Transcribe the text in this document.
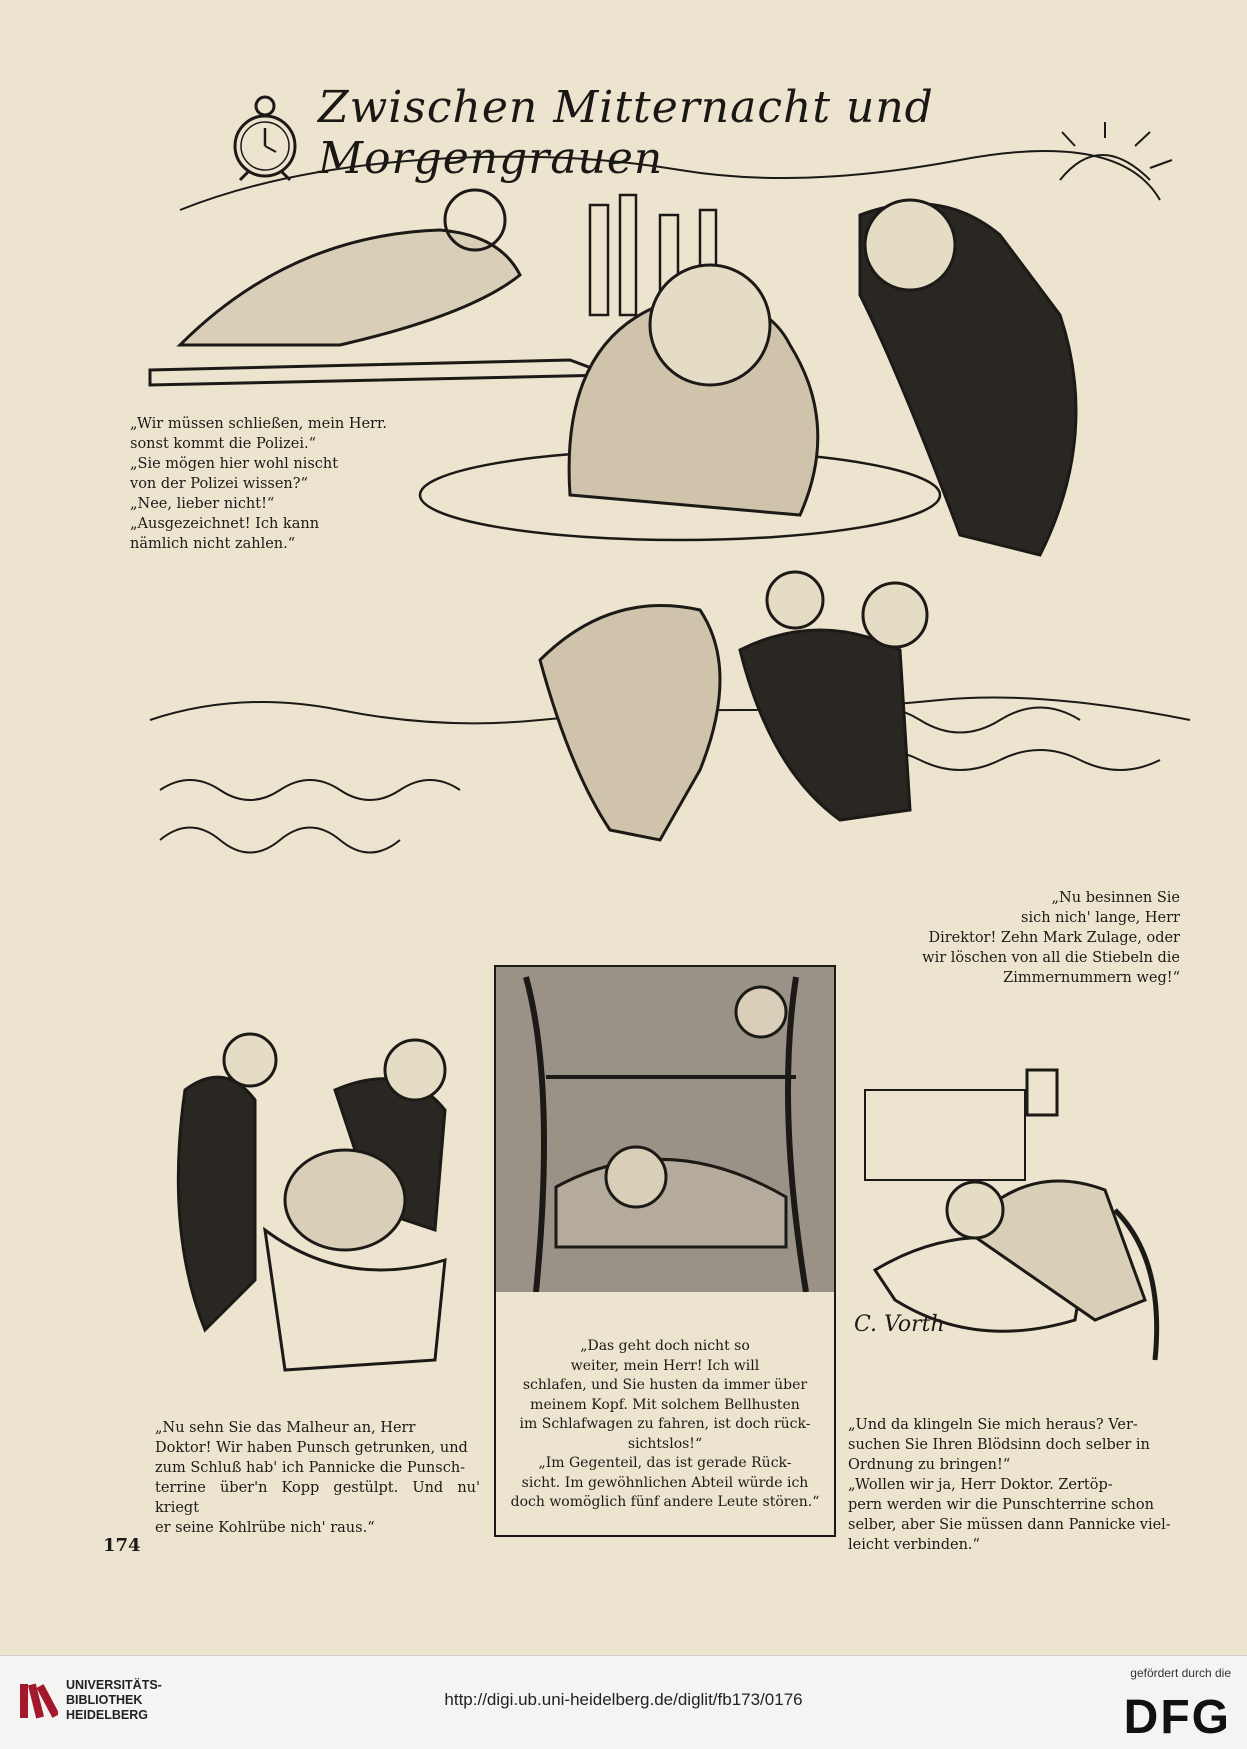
Zwischen Mitternacht und Morgengrauen
„Wir müssen schließen, mein Herr.
sonst kommt die Polizei.“
„Sie mögen hier wohl nischt
von der Polizei wissen?“
„Nee, lieber nicht!“
„Ausgezeichnet! Ich kann
nämlich nicht zahlen.“
„Nu besinnen Sie
sich nich' lange, Herr
Direktor! Zehn Mark Zulage, oder
wir löschen von all die Stiebeln die
Zimmernummern weg!“
„Nu sehn Sie das Malheur an, Herr
Doktor! Wir haben Punsch getrunken, und
zum Schluß hab' ich Pannicke die Punsch-
terrine über'n Kopp gestülpt. Und nu' kriegt
er seine Kohlrübe nich' raus.“
„Das geht doch nicht so
weiter, mein Herr! Ich will
schlafen, und Sie husten da immer über
meinem Kopf. Mit solchem Bellhusten
im Schlafwagen zu fahren, ist doch rück-
sichtslos!“
„Im Gegenteil, das ist gerade Rück-
sicht. Im gewöhnlichen Abteil würde ich
doch womöglich fünf andere Leute stören.“
C. Vorth
„Und da klingeln Sie mich heraus? Ver-
suchen Sie Ihren Blödsinn doch selber in
Ordnung zu bringen!“
„Wollen wir ja, Herr Doktor. Zertöp-
pern werden wir die Punschterrine schon
selber, aber Sie müssen dann Pannicke viel-
leicht verbinden.“
174
UNIVERSITÄTS-
BIBLIOTHEK
HEIDELBERG
http://digi.ub.uni-heidelberg.de/diglit/fb173/0176
gefördert durch die
DFG
